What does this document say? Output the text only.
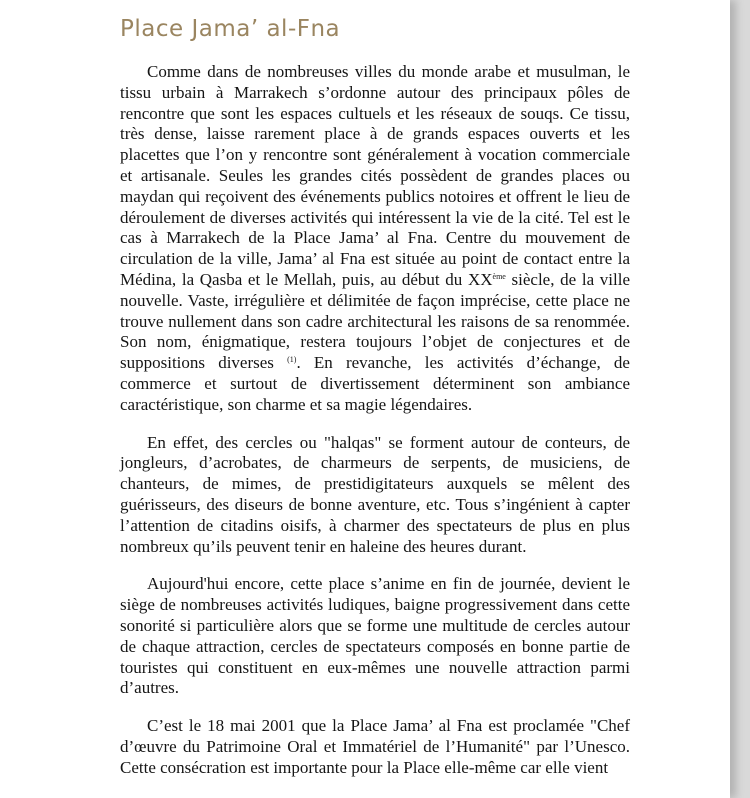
Place Jama’ al-Fna

Comme dans de nombreuses villes du monde arabe et musulman, le tissu urbain à Marrakech s’ordonne autour des principaux pôles de rencontre que sont les espaces cultuels et les réseaux de souqs. Ce tissu, très dense, laisse rarement place à de grands espaces ouverts et les placettes que l’on y rencontre sont généralement à vocation commerciale et artisanale. Seules les grandes cités possèdent de grandes places ou maydan qui reçoivent des événements publics notoires et offrent le lieu de déroulement de diverses activités qui intéressent la vie de la cité. Tel est le cas à Marrakech de la Place Jama’ al Fna. Centre du mouvement de circulation de la ville, Jama’ al Fna est située au point de contact entre la Médina, la Qasba et le Mellah, puis, au début du XXème siècle, de la ville nouvelle. Vaste, irrégulière et délimitée de façon imprécise, cette place ne trouve nullement dans son cadre architectural les raisons de sa renommée. Son nom, énigmatique, restera toujours l’objet de conjectures et de suppositions diverses $^{(1)}$. En revanche, les activités d’échange, de commerce et surtout de divertissement déterminent son ambiance caractéristique, son charme et sa magie légendaires.

En effet, des cercles ou "halqas" se forment autour de conteurs, de jongleurs, d’acrobates, de charmeurs de serpents, de musiciens, de chanteurs, de mimes, de prestidigitateurs auxquels se mêlent des guérisseurs, des diseurs de bonne aventure, etc. Tous s’ingénient à capter l’attention de citadins oisifs, à charmer des spectateurs de plus en plus nombreux qu’ils peuvent tenir en haleine des heures durant.

Aujourd'hui encore, cette place s’anime en fin de journée, devient le siège de nombreuses activités ludiques, baigne progressivement dans cette sonorité si particulière alors que se forme une multitude de cercles autour de chaque attraction, cercles de spectateurs composés en bonne partie de touristes qui constituent en eux-mêmes une nouvelle attraction parmi d’autres.

C’est le 18 mai 2001 que la Place Jama’ al Fna est proclamée "Chef d’œuvre du Patrimoine Oral et Immatériel de l’Humanité" par l’Unesco. Cette consécration est importante pour la Place elle-même car elle vient
